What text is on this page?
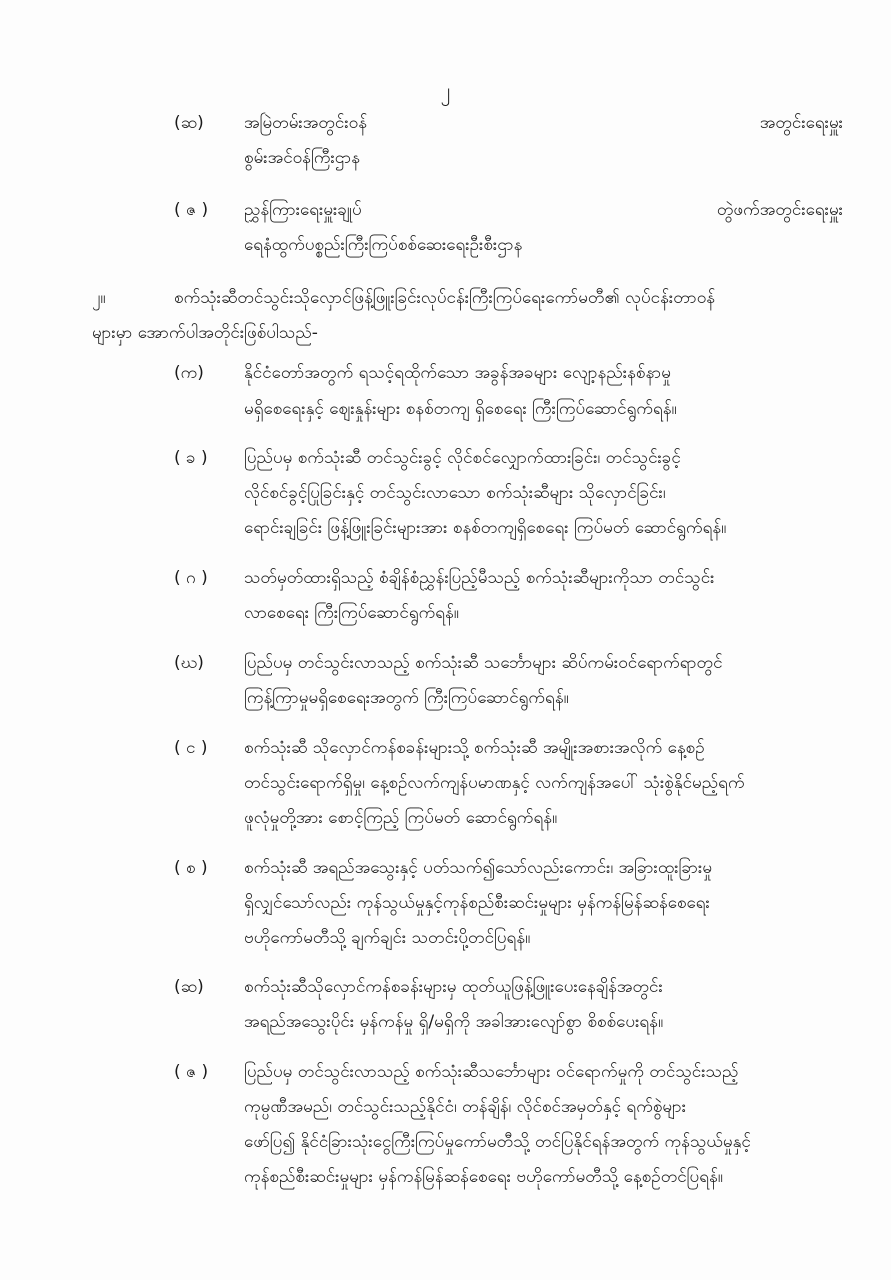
၂
(ဆ) အမြဲတမ်းအတွင်းဝန်	အတွင်းရေးမှူး
စွမ်းအင်ဝန်ကြီးဌာန
( ဇ ) ညွှန်ကြားရေးမှူးချုပ်	တွဲဖက်အတွင်းရေးမှူး
ရေနံထွက်ပစ္စည်းကြီးကြပ်စစ်ဆေးရေးဦးစီးဌာန
၂။	စက်သုံးဆီတင်သွင်းသိုလှောင်ဖြန့်ဖြူးခြင်းလုပ်ငန်းကြီးကြပ်ရေးကော်မတီ၏ လုပ်ငန်းတာဝန်
များမှာ အောက်ပါအတိုင်းဖြစ်ပါသည်-
(က) နိုင်ငံတော်အတွက် ရသင့်ရထိုက်သော အခွန်အခများ လျော့နည်းနစ်နာမှု
မရှိစေရေးနှင့် ဈေးနှုန်းများ စနစ်တကျ ရှိစေရေး ကြီးကြပ်ဆောင်ရွက်ရန်။
( ခ ) ပြည်ပမှ စက်သုံးဆီ တင်သွင်းခွင့် လိုင်စင်လျှောက်ထားခြင်း၊ တင်သွင်းခွင့်
လိုင်စင်ခွင့်ပြုခြင်းနှင့် တင်သွင်းလာသော စက်သုံးဆီများ သိုလှောင်ခြင်း၊
ရောင်းချခြင်း ဖြန့်ဖြူးခြင်းများအား စနစ်တကျရှိစေရေး ကြပ်မတ် ဆောင်ရွက်ရန်။
( ဂ ) သတ်မှတ်ထားရှိသည့် စံချိန်စံညွှန်းပြည့်မီသည့် စက်သုံးဆီများကိုသာ တင်သွင်း
လာစေရေး ကြီးကြပ်ဆောင်ရွက်ရန်။
(ဃ) ပြည်ပမှ တင်သွင်းလာသည့် စက်သုံးဆီ သင်္ဘောများ ဆိပ်ကမ်းဝင်ရောက်ရာတွင်
ကြန့်ကြာမှုမရှိစေရေးအတွက် ကြီးကြပ်ဆောင်ရွက်ရန်။
( င ) စက်သုံးဆီ သိုလှောင်ကန်စခန်းများသို့ စက်သုံးဆီ အမျိုးအစားအလိုက် နေ့စဉ်
တင်သွင်းရောက်ရှိမှု၊ နေ့စဉ်လက်ကျန်ပမာဏနှင့် လက်ကျန်အပေါ် သုံးစွဲနိုင်မည့်ရက်
ဖူလုံမှုတို့အား စောင့်ကြည့် ကြပ်မတ် ဆောင်ရွက်ရန်။
( စ ) စက်သုံးဆီ အရည်အသွေးနှင့် ပတ်သက်၍သော်လည်းကောင်း၊ အခြားထူးခြားမှု
ရှိလျှင်သော်လည်း ကုန်သွယ်မှုနှင့်ကုန်စည်စီးဆင်းမှုများ မှန်ကန်မြန်ဆန်စေရေး
ဗဟိုကော်မတီသို့ ချက်ချင်း သတင်းပို့တင်ပြရန်။
(ဆ) စက်သုံးဆီသိုလှောင်ကန်စခန်းများမှ ထုတ်ယူဖြန့်ဖြူးပေးနေချိန်အတွင်း
အရည်အသွေးပိုင်း မှန်ကန်မှု ရှိ/မရှိကို အခါအားလျော်စွာ စိစစ်ပေးရန်။
( ဇ ) ပြည်ပမှ တင်သွင်းလာသည့် စက်သုံးဆီသင်္ဘောများ ဝင်ရောက်မှုကို တင်သွင်းသည့်
ကုမ္ပဏီအမည်၊ တင်သွင်းသည့်နိုင်ငံ၊ တန်ချိန်၊ လိုင်စင်အမှတ်နှင့် ရက်စွဲများ
ဖော်ပြ၍ နိုင်ငံခြားသုံးငွေကြီးကြပ်မှုကော်မတီသို့ တင်ပြနိုင်ရန်အတွက် ကုန်သွယ်မှုနှင့်
ကုန်စည်စီးဆင်းမှုများ မှန်ကန်မြန်ဆန်စေရေး ဗဟိုကော်မတီသို့ နေ့စဉ်တင်ပြရန်။
